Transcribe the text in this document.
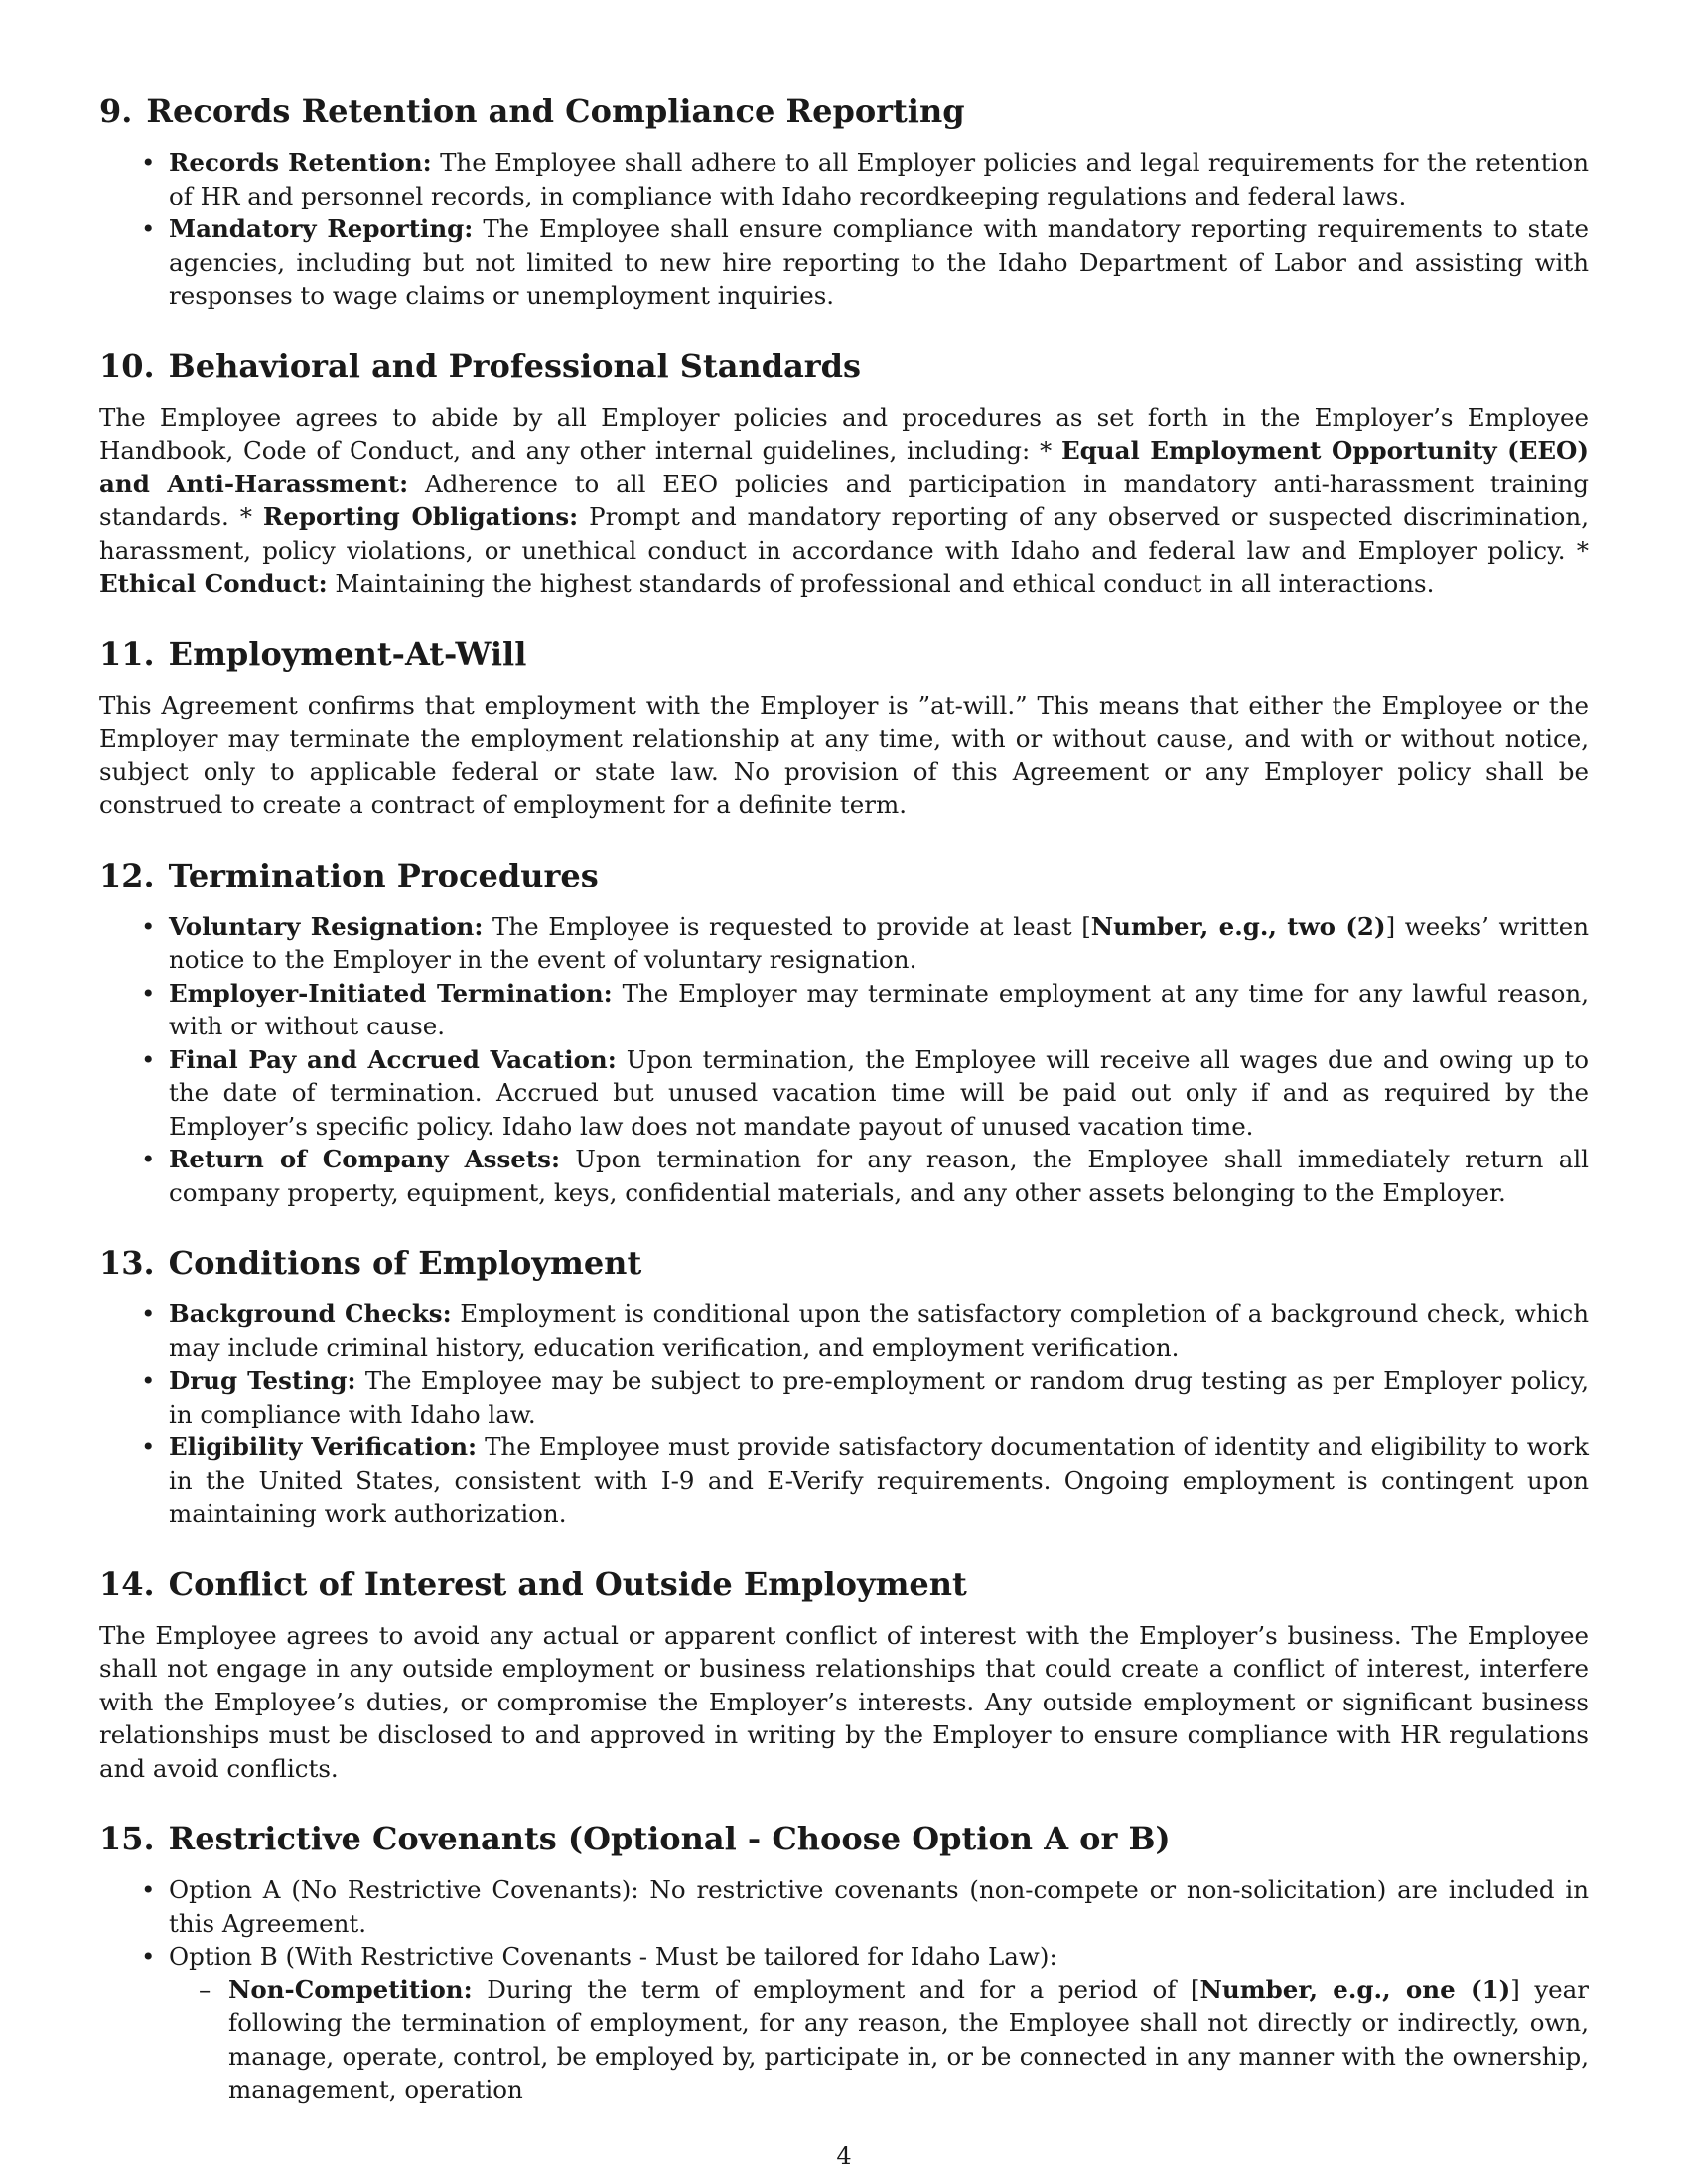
9. Records Retention and Compliance Reporting
• Records Retention: The Employee shall adhere to all Employer policies and legal requirements for the retention of HR and personnel records, in compliance with Idaho recordkeeping regulations and federal laws.
• Mandatory Reporting: The Employee shall ensure compliance with mandatory reporting requirements to state agencies, including but not limited to new hire reporting to the Idaho Department of Labor and assisting with responses to wage claims or unemployment inquiries.
10. Behavioral and Professional Standards

The Employee agrees to abide by all Employer policies and procedures as set forth in the Employer’s Employee Handbook, Code of Conduct, and any other internal guidelines, including: * Equal Employment Opportunity (EEO) and Anti-Harassment: Adherence to all EEO policies and participation in mandatory anti-harassment training standards. * Reporting Obligations: Prompt and mandatory reporting of any observed or suspected discrimination, harassment, policy violations, or unethical conduct in accordance with Idaho and federal law and Employer policy. * Ethical Conduct: Maintaining the highest standards of professional and ethical conduct in all interactions.

11. Employment-At-Will

This Agreement confirms that employment with the Employer is ”at-will.” This means that either the Employee or the Employer may terminate the employment relationship at any time, with or without cause, and with or without notice, subject only to applicable federal or state law. No provision of this Agreement or any Employer policy shall be construed to create a contract of employment for a definite term.

12. Termination Procedures
• Voluntary Resignation: The Employee is requested to provide at least [Number, e.g., two (2)] weeks’ written notice to the Employer in the event of voluntary resignation.
• Employer-Initiated Termination: The Employer may terminate employment at any time for any lawful reason, with or without cause.
• Final Pay and Accrued Vacation: Upon termination, the Employee will receive all wages due and owing up to the date of termination. Accrued but unused vacation time will be paid out only if and as required by the Employer’s specific policy. Idaho law does not mandate payout of unused vacation time.
• Return of Company Assets: Upon termination for any reason, the Employee shall immediately return all company property, equipment, keys, confidential materials, and any other assets belonging to the Employer.
13. Conditions of Employment
• Background Checks: Employment is conditional upon the satisfactory completion of a background check, which may include criminal history, education verification, and employment verification.
• Drug Testing: The Employee may be subject to pre-employment or random drug testing as per Employer policy, in compliance with Idaho law.
• Eligibility Verification: The Employee must provide satisfactory documentation of identity and eligibility to work in the United States, consistent with I-9 and E-Verify requirements. Ongoing employment is contingent upon maintaining work authorization.
14. Conflict of Interest and Outside Employment

The Employee agrees to avoid any actual or apparent conflict of interest with the Employer’s business. The Employee shall not engage in any outside employment or business relationships that could create a conflict of interest, interfere with the Employee’s duties, or compromise the Employer’s interests. Any outside employment or significant business relationships must be disclosed to and approved in writing by the Employer to ensure compliance with HR regulations and avoid conflicts.

15. Restrictive Covenants (Optional - Choose Option A or B)
• Option A (No Restrictive Covenants): No restrictive covenants (non-compete or non-solicitation) are included in this Agreement.
• Option B (With Restrictive Covenants - Must be tailored for Idaho Law):
– Non-Competition: During the term of employment and for a period of [Number, e.g., one (1)] year following the termination of employment, for any reason, the Employee shall not directly or indirectly, own, manage, operate, control, be employed by, participate in, or be connected in any manner with the ownership, management, operation
4
